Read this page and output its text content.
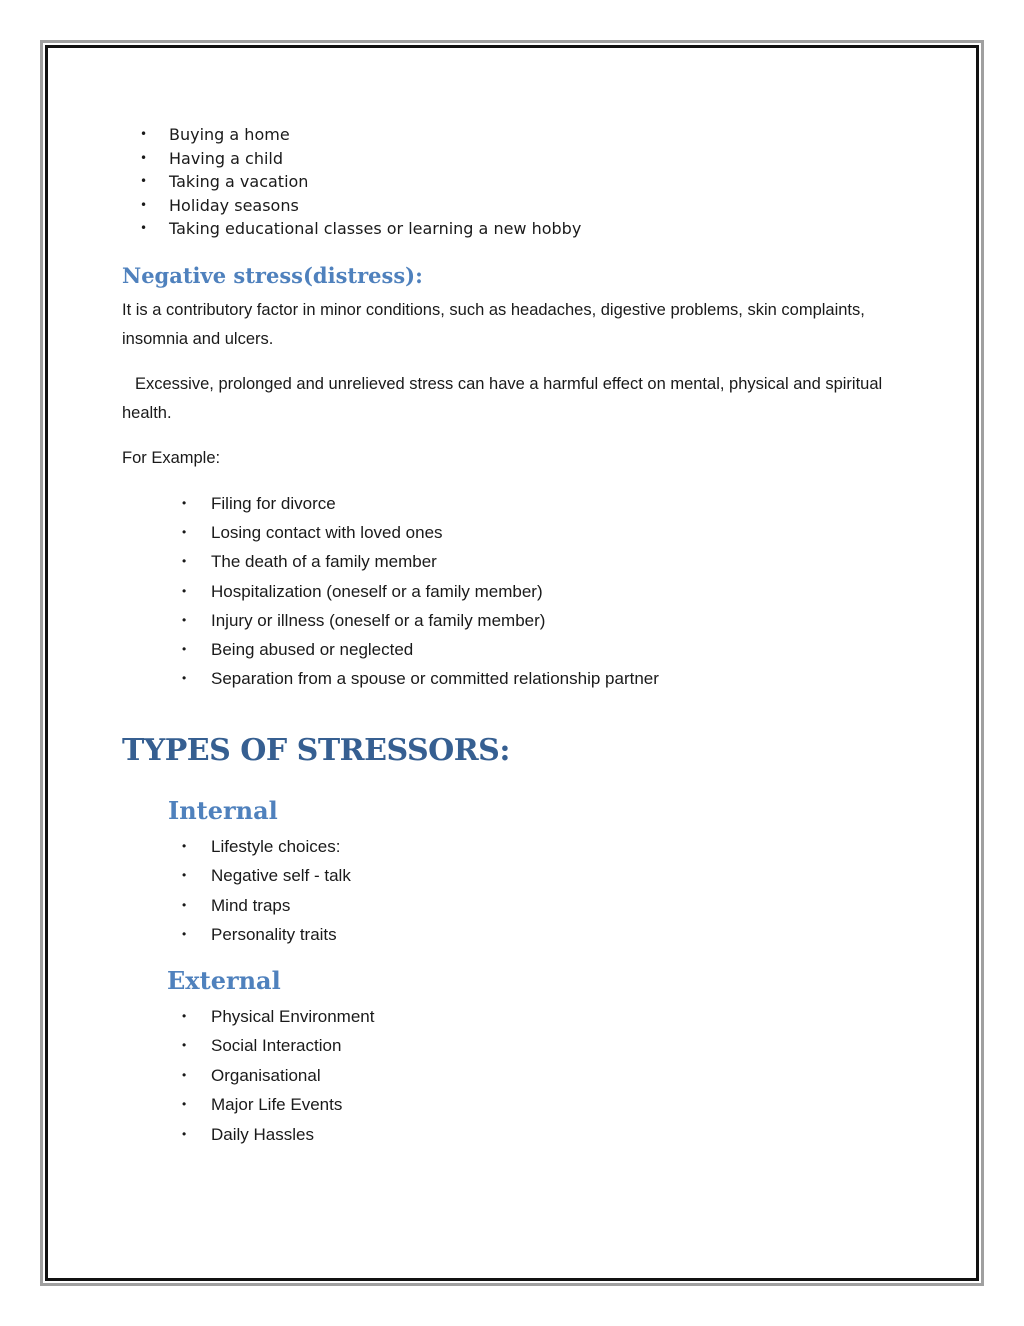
• Buying a home
• Having a child
• Taking a vacation
• Holiday seasons
• Taking educational classes or learning a new hobby
Negative stress(distress):
It is a contributory factor in minor conditions, such as headaches, digestive problems, skin complaints, insomnia and ulcers.
Excessive, prolonged and unrelieved stress can have a harmful effect on mental, physical and spiritual health.
For Example:
• Filing for divorce
• Losing contact with loved ones
• The death of a family member
• Hospitalization (oneself or a family member)
• Injury or illness (oneself or a family member)
• Being abused or neglected
• Separation from a spouse or committed relationship partner
TYPES OF STRESSORS:
Internal
• Lifestyle choices:
• Negative self - talk
• Mind traps
• Personality traits
External
• Physical Environment
• Social Interaction
• Organisational
• Major Life Events
• Daily Hassles
